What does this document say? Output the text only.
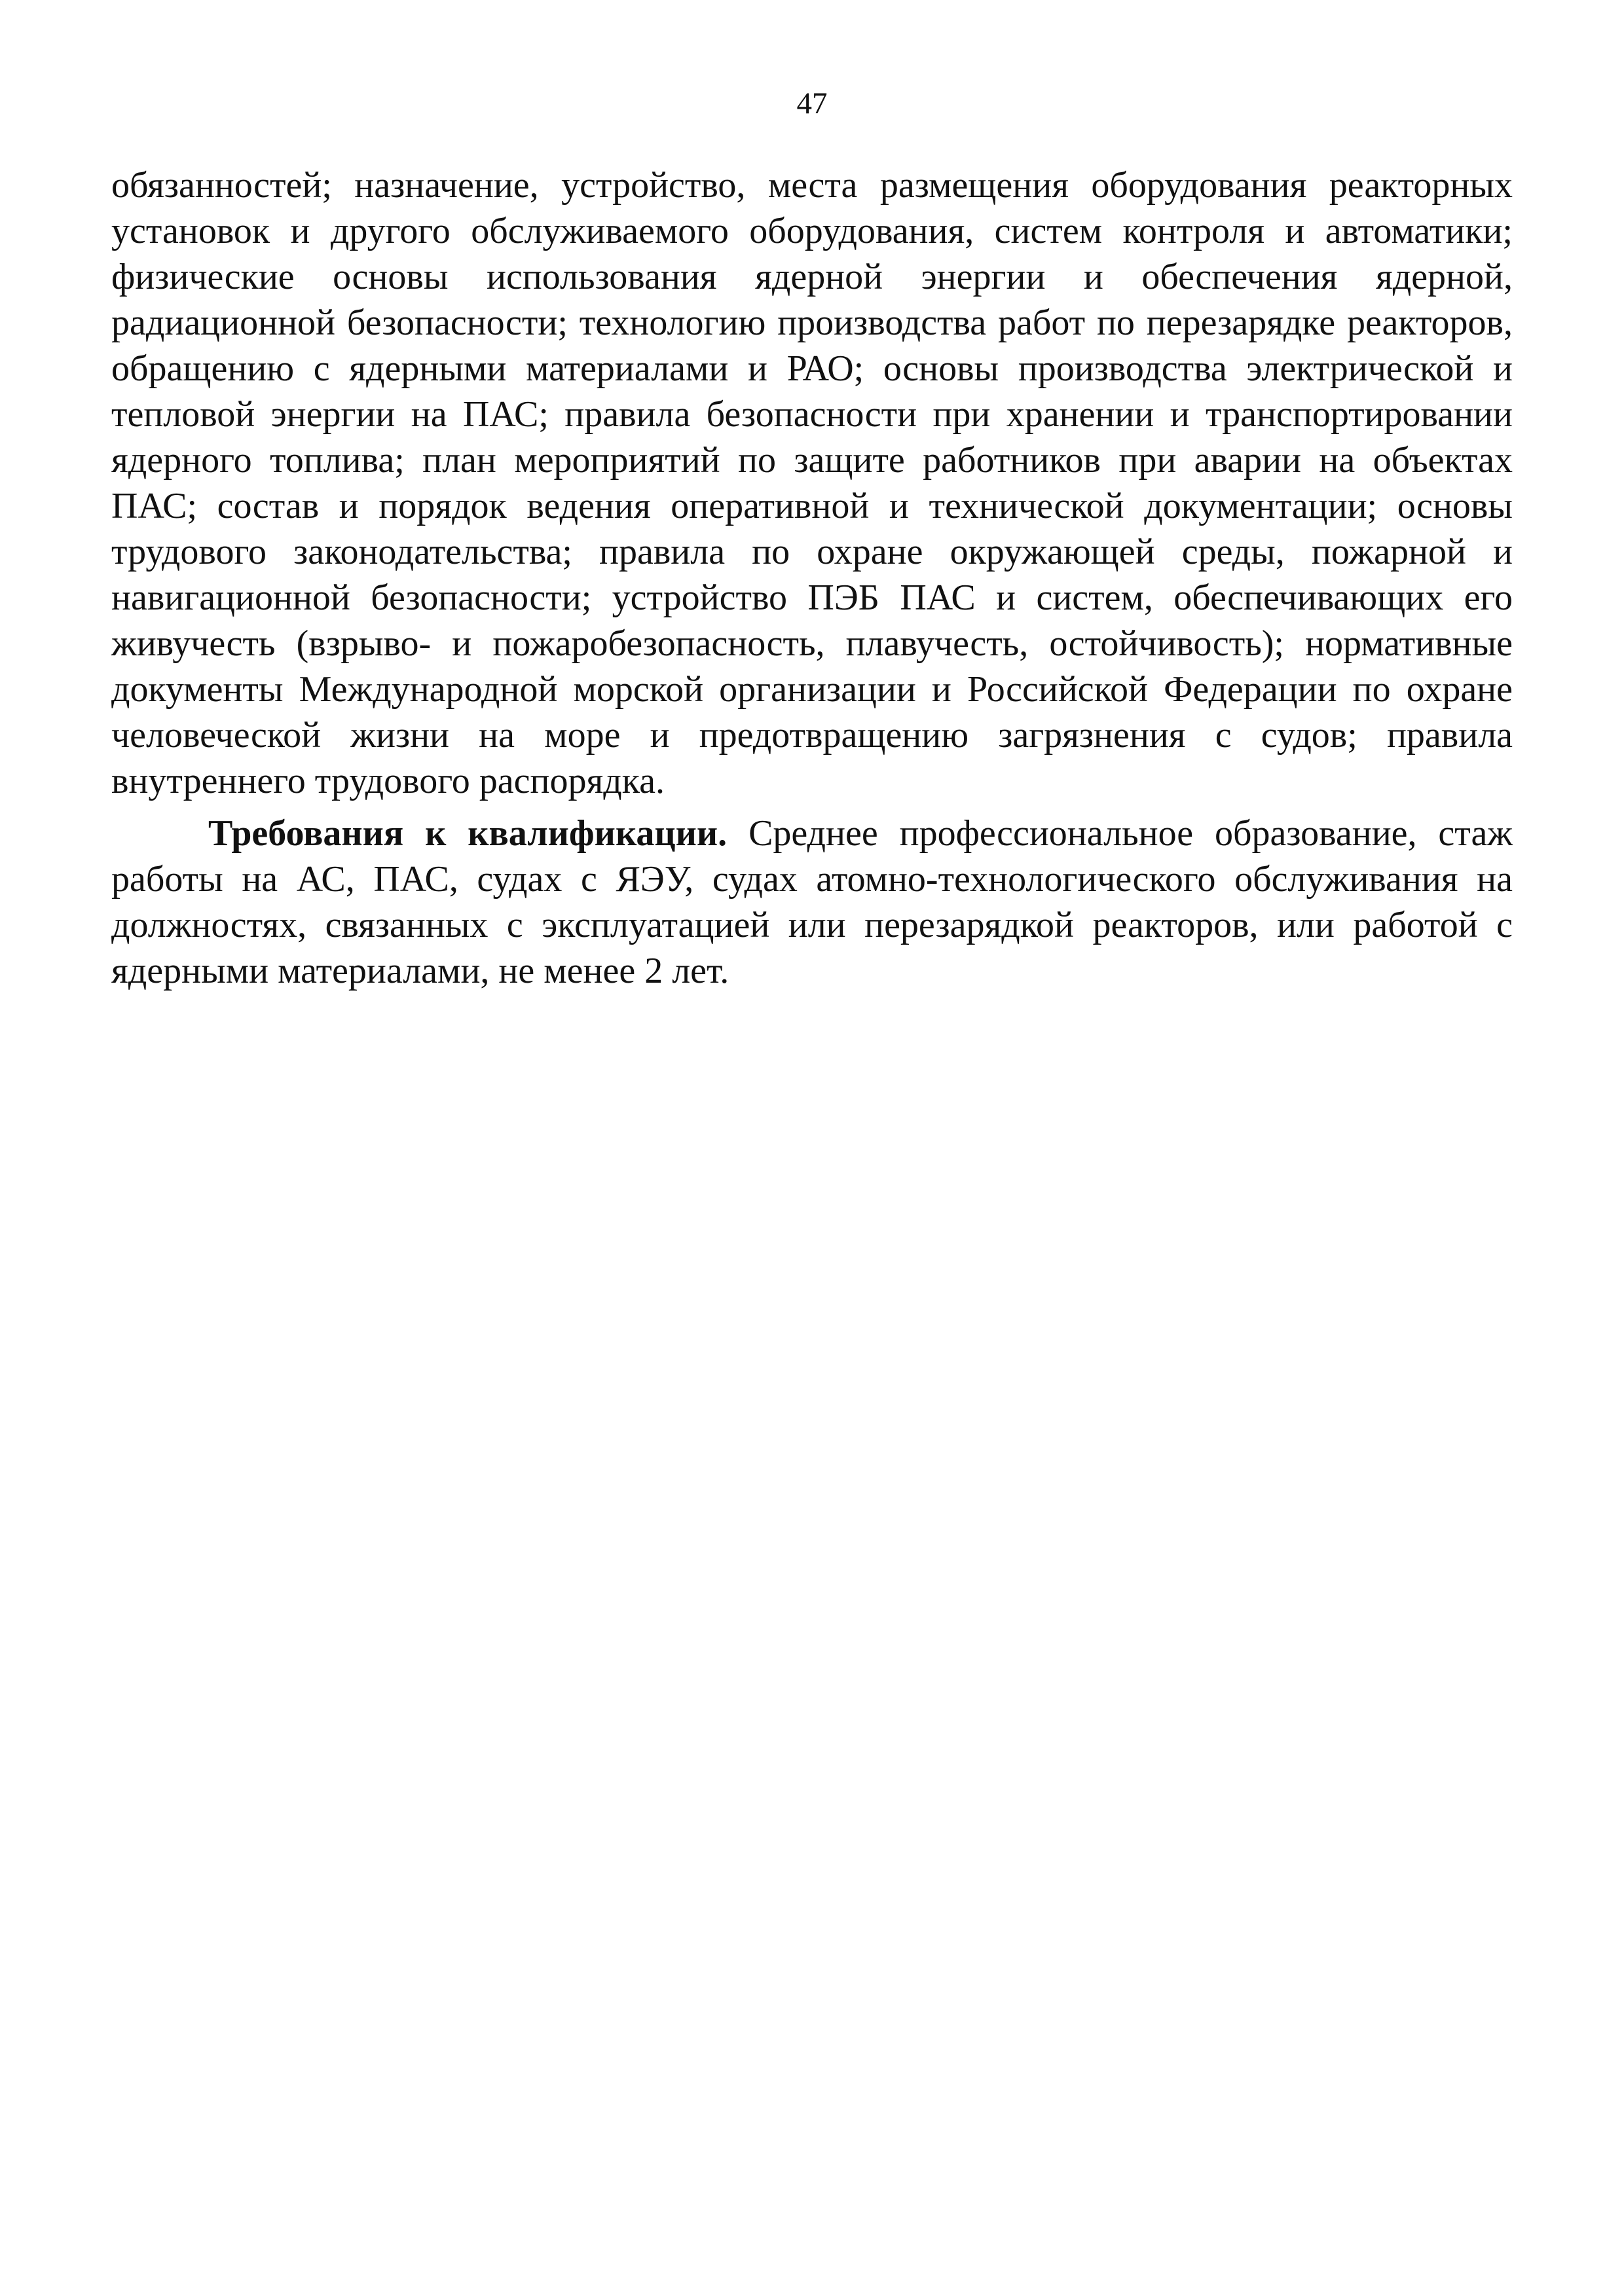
47

обязанностей; назначение, устройство, места размещения оборудования реакторных установок и другого обслуживаемого оборудования, систем контроля и автоматики; физические основы использования ядерной энергии и обеспечения ядерной, радиационной безопасности; технологию производства работ по перезарядке реакторов, обращению с ядерными материалами и РАО; основы производства электрической и тепловой энергии на ПАС; правила безопасности при хранении и транспортировании ядерного топлива; план мероприятий по защите работников при аварии на объектах ПАС; состав и порядок ведения оперативной и технической документации; основы трудового законодательства; правила по охране окружающей среды, пожарной и навигационной безопасности; устройство ПЭБ ПАС и систем, обеспечивающих его живучесть (взрыво- и пожаробезопасность, плавучесть, остойчивость); нормативные документы Международной морской организации и Российской Федерации по охране человеческой жизни на море и предотвращению загрязнения с судов; правила внутреннего трудового распорядка.

Требования к квалификации. Среднее профессиональное образование, стаж работы на АС, ПАС, судах с ЯЭУ, судах атомно-технологического обслуживания на должностях, связанных с эксплуатацией или перезарядкой реакторов, или работой с ядерными материалами, не менее 2 лет.
